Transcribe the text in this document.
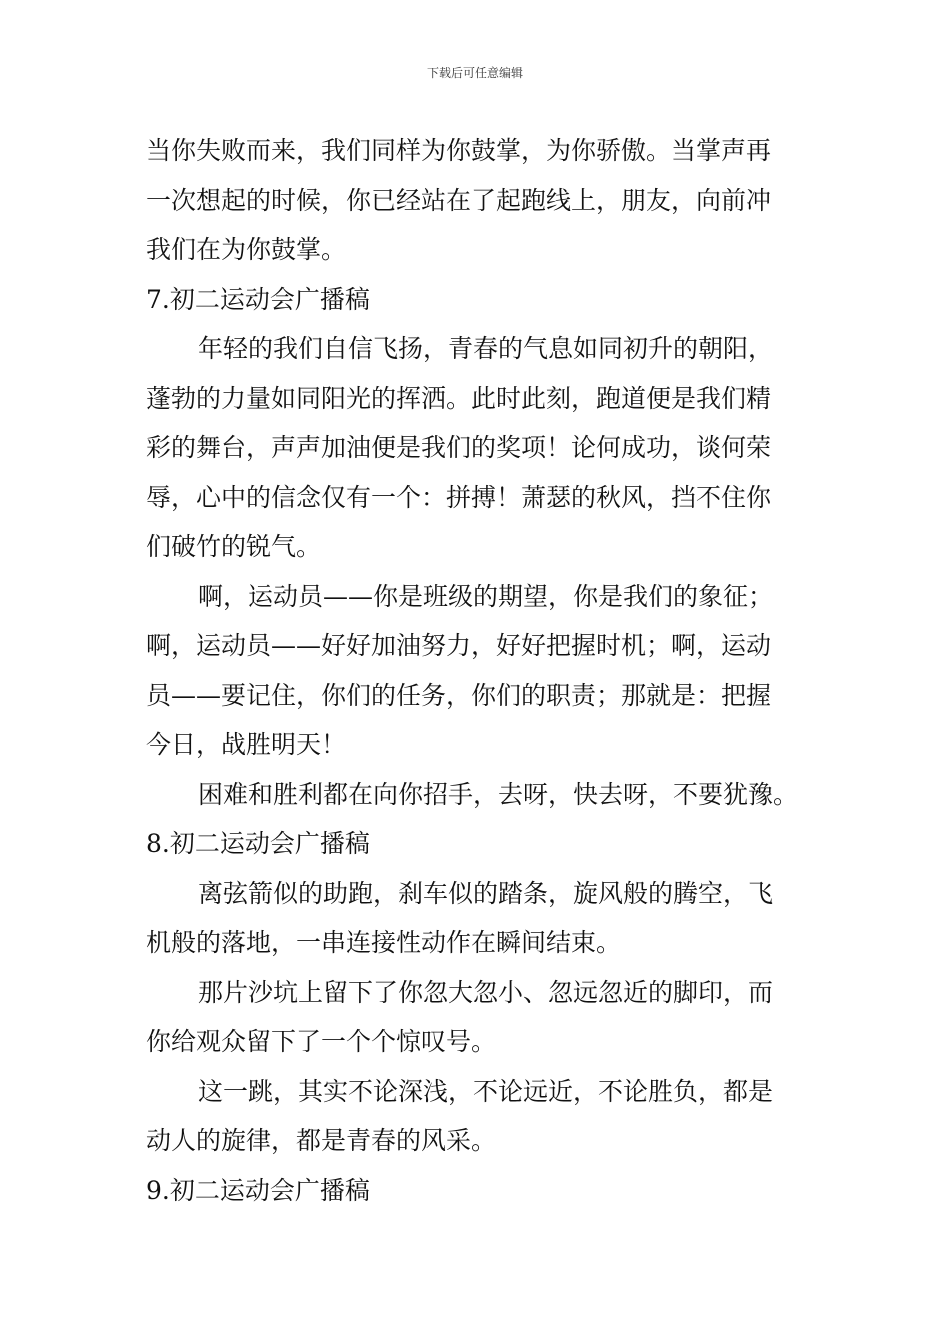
下载后可任意编辑

当你失败而来，我们同样为你鼓掌，为你骄傲。当掌声再

一次想起的时候，你已经站在了起跑线上，朋友，向前冲

我们在为你鼓掌。

7.初二运动会广播稿

年轻的我们自信飞扬，青春的气息如同初升的朝阳，

蓬勃的力量如同阳光的挥洒。此时此刻，跑道便是我们精

彩的舞台，声声加油便是我们的奖项！论何成功，谈何荣

辱，心中的信念仅有一个：拼搏！萧瑟的秋风，挡不住你

们破竹的锐气。

啊，运动员——你是班级的期望，你是我们的象征；

啊，运动员——好好加油努力，好好把握时机；啊，运动

员——要记住，你们的任务，你们的职责；那就是：把握

今日，战胜明天！

困难和胜利都在向你招手，去呀，快去呀，不要犹豫。

8.初二运动会广播稿

离弦箭似的助跑，刹车似的踏条，旋风般的腾空，飞

机般的落地，一串连接性动作在瞬间结束。

那片沙坑上留下了你忽大忽小、忽远忽近的脚印，而

你给观众留下了一个个惊叹号。

这一跳，其实不论深浅，不论远近，不论胜负，都是

动人的旋律，都是青春的风采。

9.初二运动会广播稿
